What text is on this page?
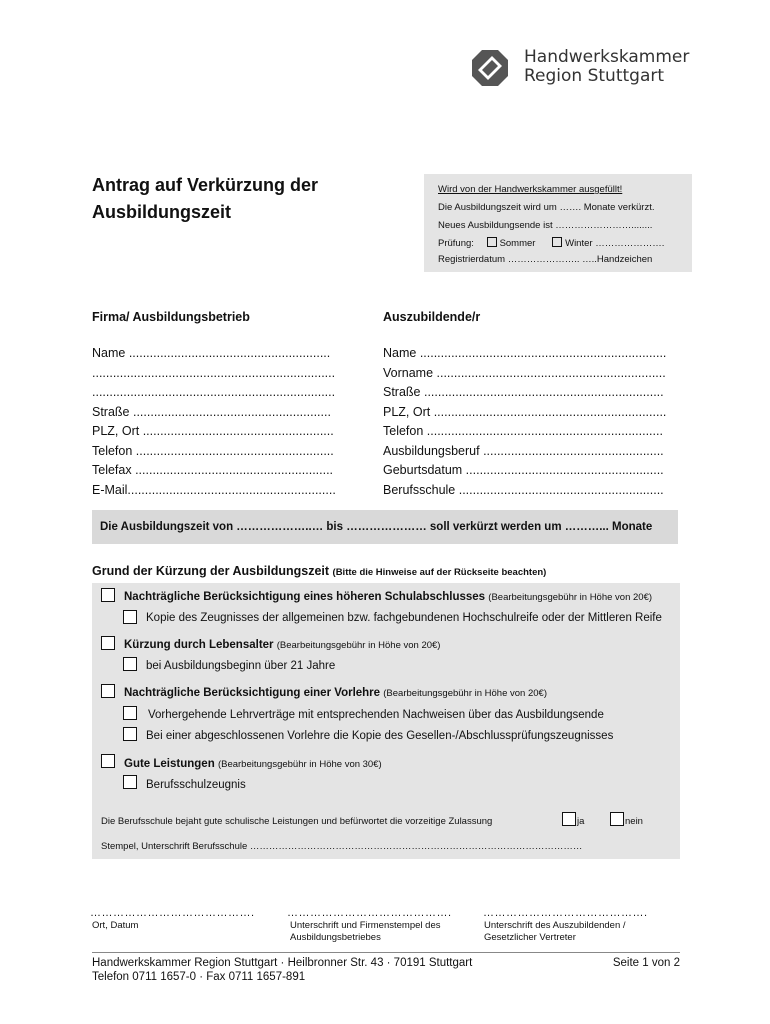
Handwerkskammer
Region Stuttgart
Antrag auf Verkürzung der
Ausbildungszeit
Wird von der Handwerkskammer ausgefüllt!
Die Ausbildungszeit wird um ……. Monate verkürzt.
Neues Ausbildungsende ist ……………………........
Prüfung:	Sommer	Winter ………………….
Registrierdatum ………………….. …..Handzeichen
Firma/ Ausbildungsbetrieb
Name ..........................................................
......................................................................
......................................................................
Straße .........................................................
PLZ, Ort .......................................................
Telefon .........................................................
Telefax .........................................................
E-Mail............................................................
Auszubildende/r
Name .......................................................................
Vorname ..................................................................
Straße .....................................................................
PLZ, Ort ...................................................................
Telefon ....................................................................
Ausbildungsberuf ....................................................
Geburtsdatum .........................................................
Berufsschule ...........................................................
Die Ausbildungszeit von ………………..… bis ………………… soll verkürzt werden um ………... Monate
Grund der Kürzung der Ausbildungszeit (Bitte die Hinweise auf der Rückseite beachten)
Nachträgliche Berücksichtigung eines höheren Schulabschlusses (Bearbeitungsgebühr in Höhe von 20€)
Kopie des Zeugnisses der allgemeinen bzw. fachgebundenen Hochschulreife oder der Mittleren Reife
Kürzung durch Lebensalter (Bearbeitungsgebühr in Höhe von 20€)
bei Ausbildungsbeginn über 21 Jahre
Nachträgliche Berücksichtigung einer Vorlehre (Bearbeitungsgebühr in Höhe von 20€)
Vorhergehende Lehrverträge mit entsprechenden Nachweisen über das Ausbildungsende
Bei einer abgeschlossenen Vorlehre die Kopie des Gesellen-/Abschlussprüfungszeugnisses
Gute Leistungen (Bearbeitungsgebühr in Höhe von 30€)
Berufsschulzeugnis
Die Berufsschule bejaht gute schulische Leistungen und befürwortet die vorzeitige Zulassung	ja	nein
Stempel, Unterschrift Berufsschule ……………………………………………………………………………………………
…………………………………….	…………………………………….	…………………………………….
Ort, Datum	Unterschrift und Firmenstempel des
Ausbildungsbetriebes
Unterschrift des Auszubildenden /
Gesetzlicher Vertreter
Handwerkskammer Region Stuttgart · Heilbronner Str. 43 · 70191 Stuttgart
Telefon 0711 1657-0 · Fax 0711 1657-891
Seite 1 von 2
